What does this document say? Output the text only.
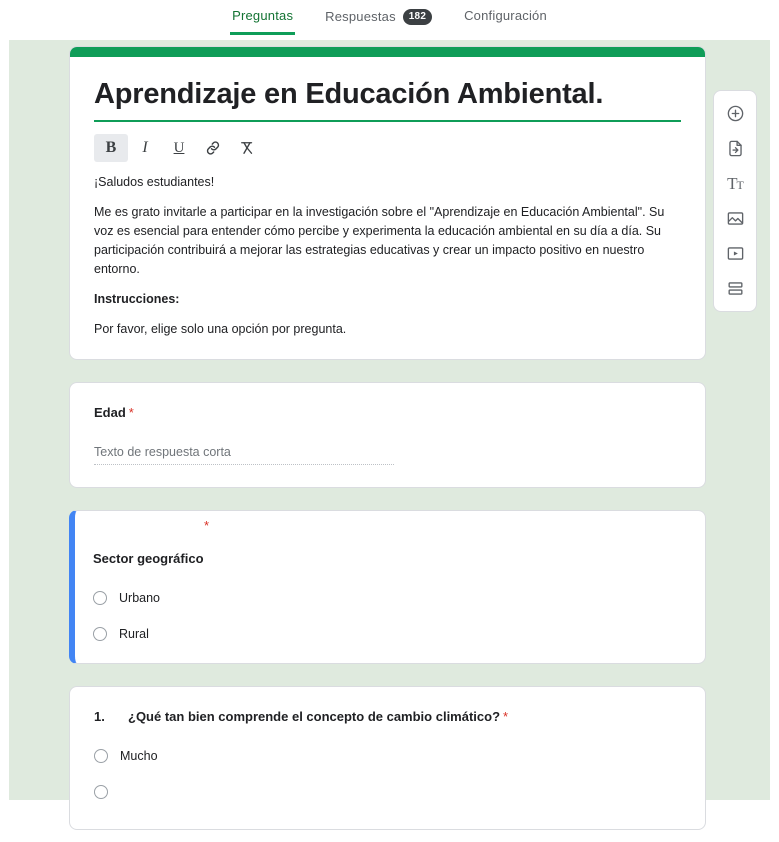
Preguntas Respuestas	182	Configuración
Aprendizaje en Educación Ambiental.
B	I	U
¡Saludos estudiantes!
Me es grato invitarle a participar en la investigación sobre el "Aprendizaje en Educación Ambiental". Su voz es esencial para entender cómo percibe y experimenta la educación ambiental en su día a día. Su participación contribuirá a mejorar las estrategias educativas y crear un impacto positivo en nuestro entorno.
Instrucciones:
Por favor, elige solo una opción por pregunta.
Edad *
Texto de respuesta corta
*
Sector geográfico
Urbano
Rural
1. ¿Qué tan bien comprende el concepto de cambio climático? *
Mucho
TT
